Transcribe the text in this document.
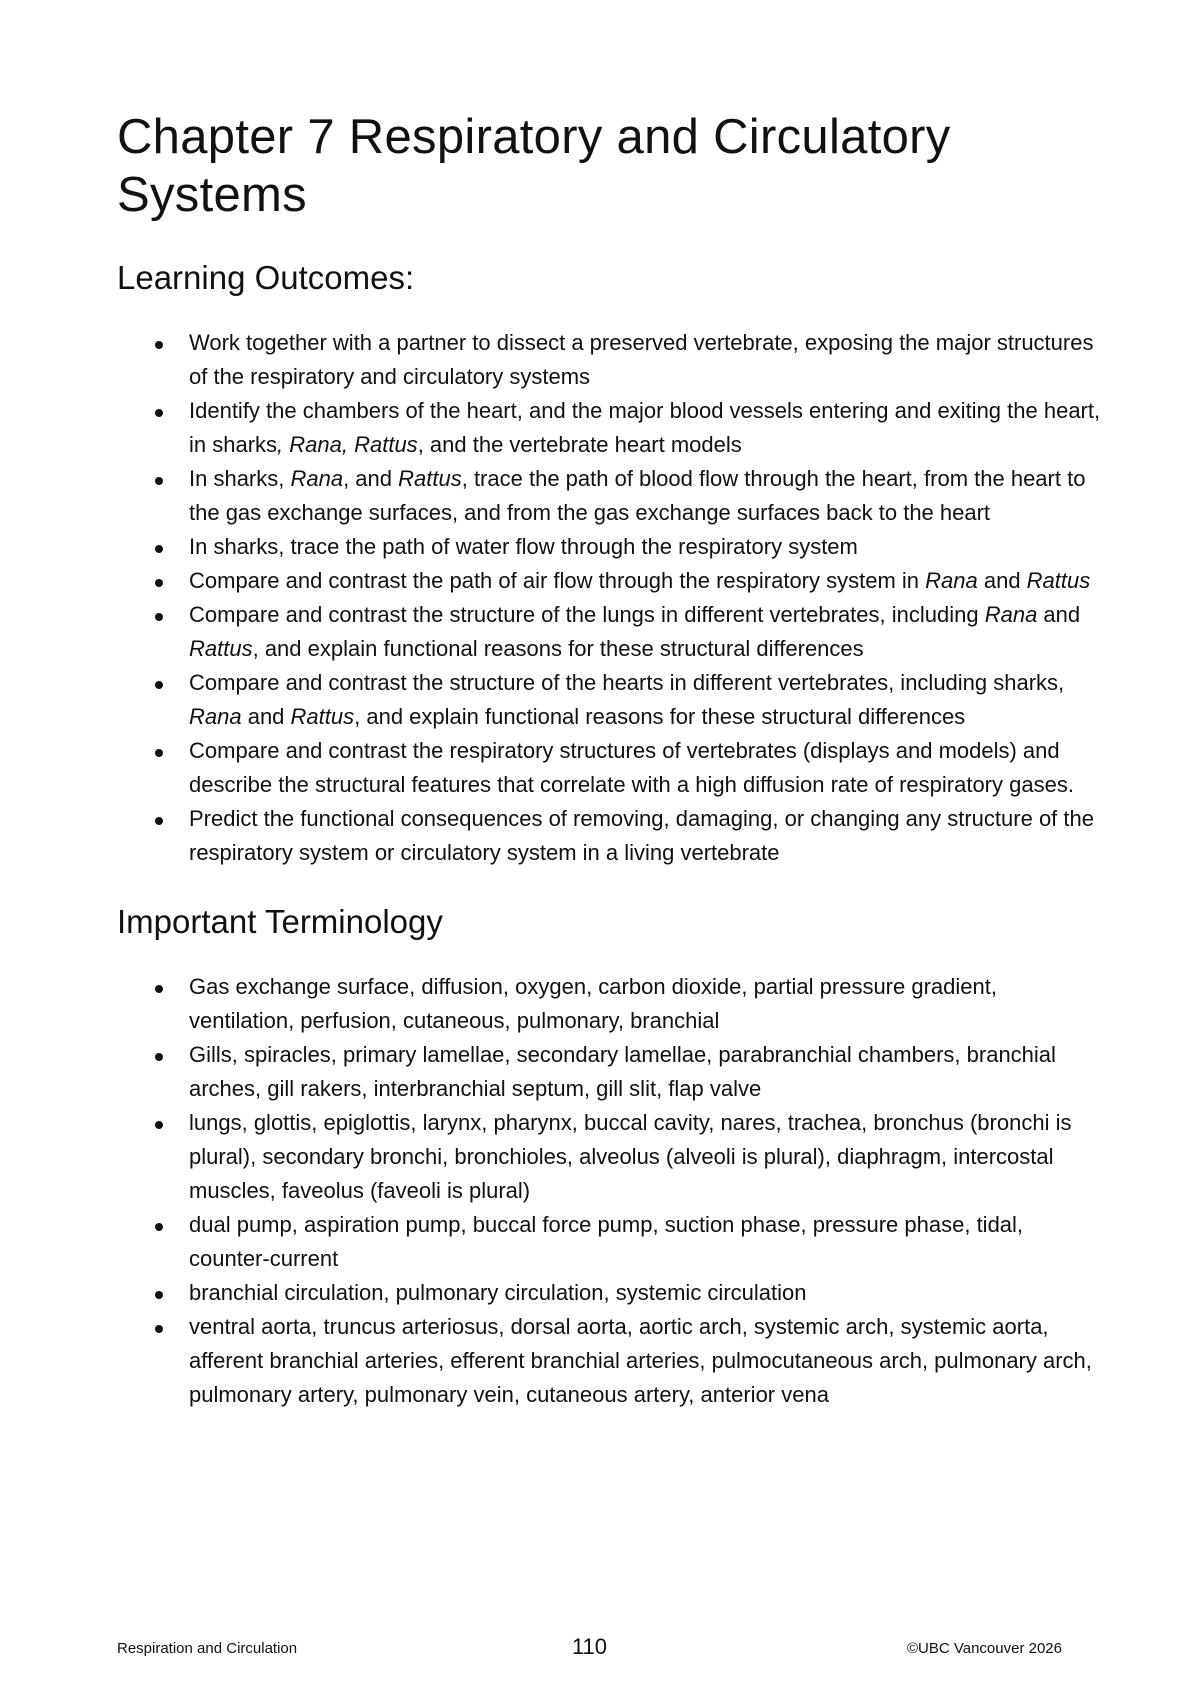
Chapter 7 Respiratory and Circulatory Systems
Learning Outcomes:
Work together with a partner to dissect a preserved vertebrate, exposing the major structures of the respiratory and circulatory systems
Identify the chambers of the heart, and the major blood vessels entering and exiting the heart, in sharks, Rana, Rattus, and the vertebrate heart models
In sharks, Rana, and Rattus, trace the path of blood flow through the heart, from the heart to the gas exchange surfaces, and from the gas exchange surfaces back to the heart
In sharks, trace the path of water flow through the respiratory system
Compare and contrast the path of air flow through the respiratory system in Rana and Rattus
Compare and contrast the structure of the lungs in different vertebrates, including Rana and Rattus, and explain functional reasons for these structural differences
Compare and contrast the structure of the hearts in different vertebrates, including sharks, Rana and Rattus, and explain functional reasons for these structural differences
Compare and contrast the respiratory structures of vertebrates (displays and models) and describe the structural features that correlate with a high diffusion rate of respiratory gases.
Predict the functional consequences of removing, damaging, or changing any structure of the respiratory system or circulatory system in a living vertebrate
Important Terminology
Gas exchange surface, diffusion, oxygen, carbon dioxide, partial pressure gradient, ventilation, perfusion, cutaneous, pulmonary, branchial
Gills, spiracles, primary lamellae, secondary lamellae, parabranchial chambers, branchial arches, gill rakers, interbranchial septum, gill slit, flap valve
lungs, glottis, epiglottis, larynx, pharynx, buccal cavity, nares, trachea, bronchus (bronchi is plural), secondary bronchi, bronchioles, alveolus (alveoli is plural), diaphragm, intercostal muscles, faveolus (faveoli is plural)
dual pump, aspiration pump, buccal force pump, suction phase, pressure phase, tidal, counter-current
branchial circulation, pulmonary circulation, systemic circulation
ventral aorta, truncus arteriosus, dorsal aorta, aortic arch, systemic arch, systemic aorta, afferent branchial arteries, efferent branchial arteries, pulmocutaneous arch, pulmonary arch, pulmonary artery, pulmonary vein, cutaneous artery, anterior vena
Respiration and Circulation	110	©UBC Vancouver 2026
